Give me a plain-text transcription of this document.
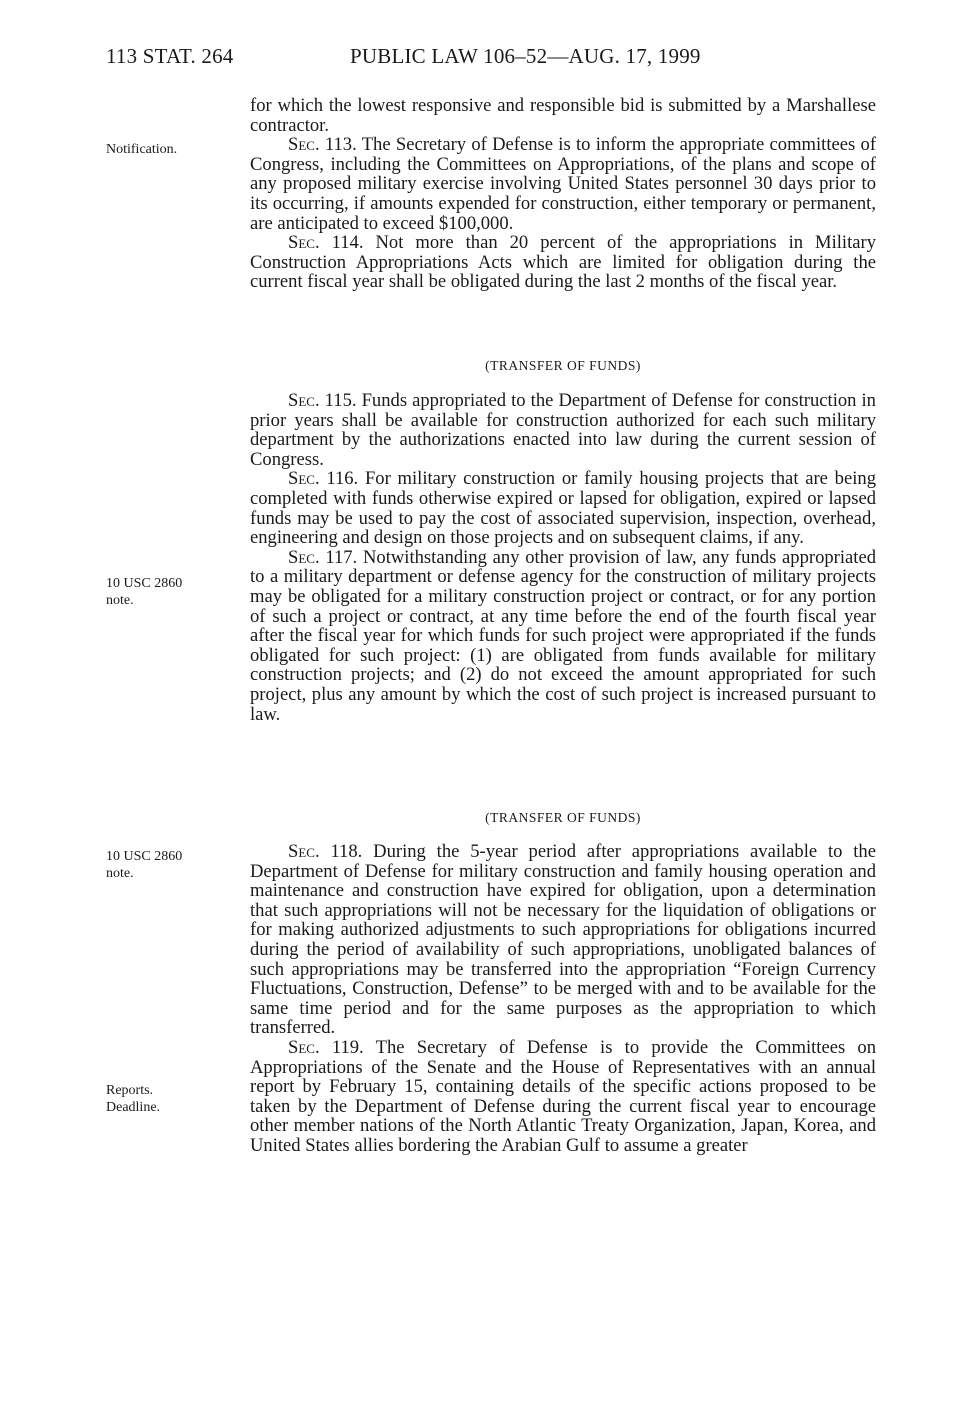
113 STAT. 264	PUBLIC LAW 106–52—AUG. 17, 1999
Notification.
10 USC 2860
note.
10 USC 2860
note.
Reports.
Deadline.

for which the lowest responsive and responsible bid is submitted by a Marshallese contractor.

Sec. 113. The Secretary of Defense is to inform the appropriate committees of Congress, including the Committees on Appropriations, of the plans and scope of any proposed military exercise involving United States personnel 30 days prior to its occurring, if amounts expended for construction, either temporary or permanent, are anticipated to exceed $100,000.

Sec. 114. Not more than 20 percent of the appropriations in Military Construction Appropriations Acts which are limited for obligation during the current fiscal year shall be obligated during the last 2 months of the fiscal year.

(TRANSFER OF FUNDS)

Sec. 115. Funds appropriated to the Department of Defense for construction in prior years shall be available for construction authorized for each such military department by the authorizations enacted into law during the current session of Congress.

Sec. 116. For military construction or family housing projects that are being completed with funds otherwise expired or lapsed for obligation, expired or lapsed funds may be used to pay the cost of associated supervision, inspection, overhead, engineering and design on those projects and on subsequent claims, if any.

Sec. 117. Notwithstanding any other provision of law, any funds appropriated to a military department or defense agency for the construction of military projects may be obligated for a military construction project or contract, or for any portion of such a project or contract, at any time before the end of the fourth fiscal year after the fiscal year for which funds for such project were appropriated if the funds obligated for such project: (1) are obligated from funds available for military construction projects; and (2) do not exceed the amount appropriated for such project, plus any amount by which the cost of such project is increased pursuant to law.

(TRANSFER OF FUNDS)

Sec. 118. During the 5-year period after appropriations available to the Department of Defense for military construction and family housing operation and maintenance and construction have expired for obligation, upon a determination that such appropriations will not be necessary for the liquidation of obligations or for making authorized adjustments to such appropriations for obligations incurred during the period of availability of such appropriations, unobligated balances of such appropriations may be transferred into the appropriation “Foreign Currency Fluctuations, Construction, Defense” to be merged with and to be available for the same time period and for the same purposes as the appropriation to which transferred.

Sec. 119. The Secretary of Defense is to provide the Committees on Appropriations of the Senate and the House of Representatives with an annual report by February 15, containing details of the specific actions proposed to be taken by the Department of Defense during the current fiscal year to encourage other member nations of the North Atlantic Treaty Organization, Japan, Korea, and United States allies bordering the Arabian Gulf to assume a greater
